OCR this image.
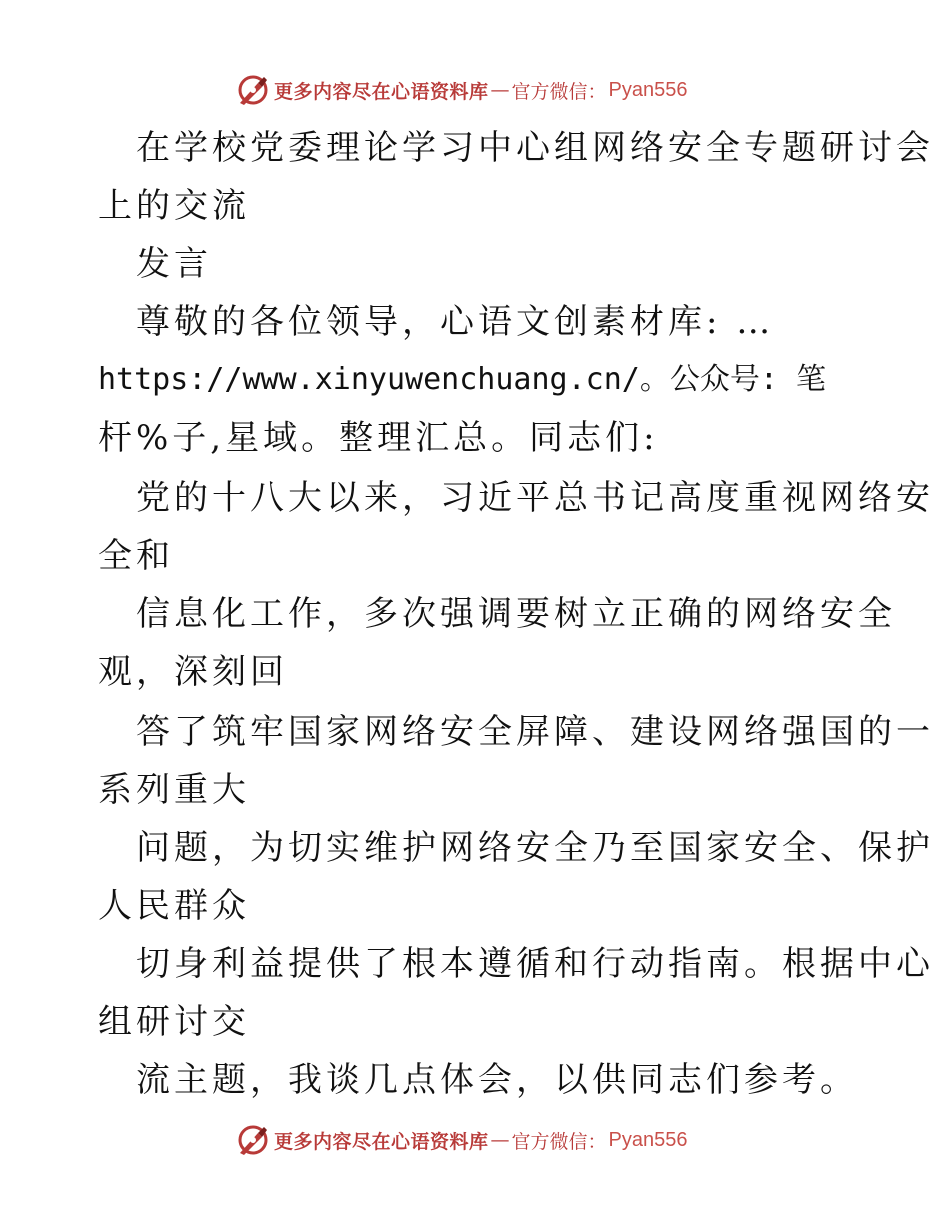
更多内容尽在心语资料库 — 官方微信： Pyan556
在学校党委理论学习中心组网络安全专题研讨会
上的交流
发言
尊敬的各位领导，心语文创素材库: …
https://www.xinyuwenchuang.cn/。公众号: 笔
杆%子,星域。整理汇总。同志们:
党的十八大以来，习近平总书记高度重视网络安
全和
信息化工作，多次强调要树立正确的网络安全
观，深刻回
答了筑牢国家网络安全屏障、建设网络强国的一
系列重大
问题，为切实维护网络安全乃至国家安全、保护
人民群众
切身利益提供了根本遵循和行动指南。根据中心
组研讨交
流主题，我谈几点体会，以供同志们参考。
更多内容尽在心语资料库 — 官方微信： Pyan556
